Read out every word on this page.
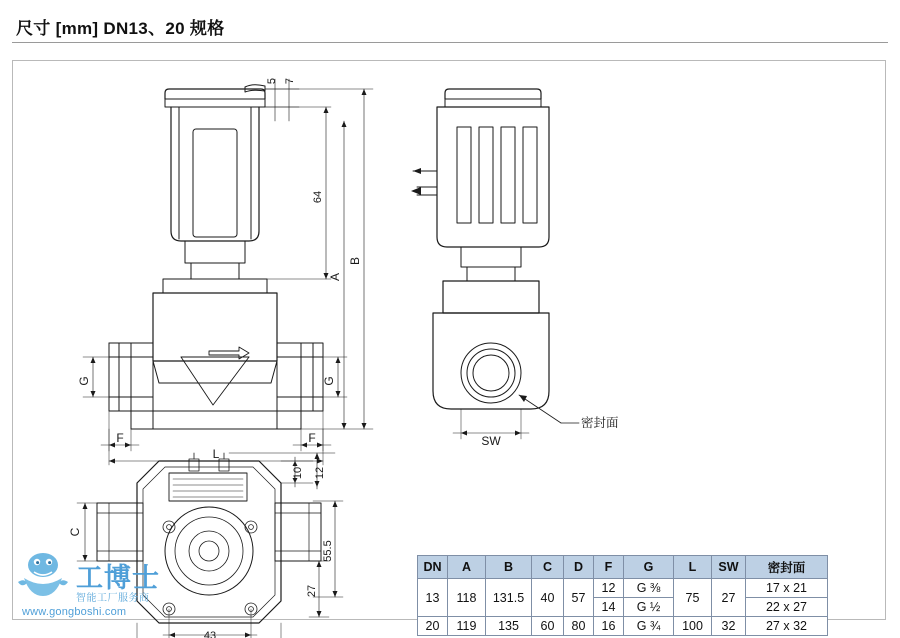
尺寸 [mm] DN13、20 规格
5 7
64
A
B
G	G
F	F
L
SW
密封面
C
43
10 12
55.5
27
DN	A	B	C	D	F	G	L	SW	密封面
13	118	131.5	40	57	12	G ⅜	75	27	17 x 21
					14	G ½			22 x 27
20	119	135	60	80	16	G ¾	100	32	27 x 32
工博士
智能工厂服务商
www.gongboshi.com
